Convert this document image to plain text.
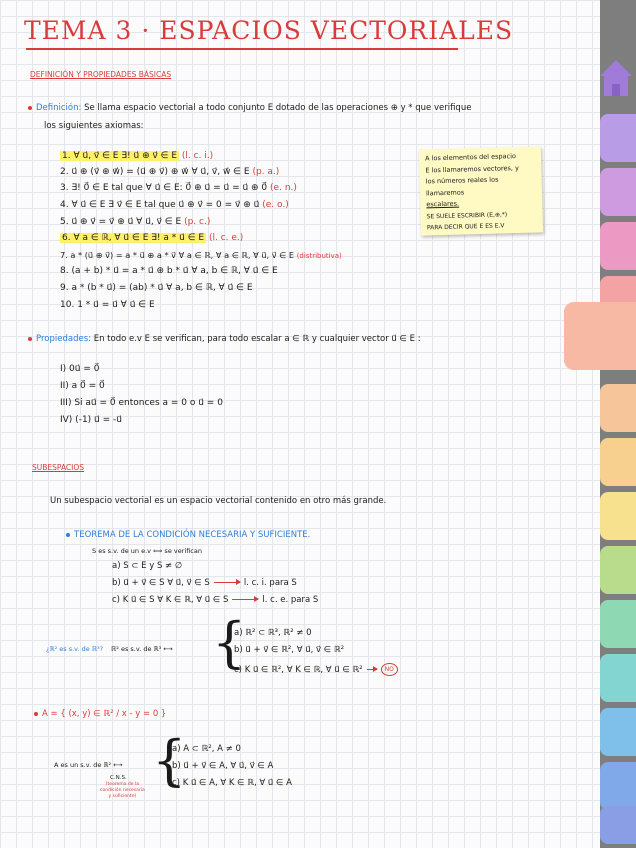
TEMA 3 · ESPACIOS VECTORIALES
DEFINICIÓN Y PROPIEDADES BÁSICAS
Definición: Se llama espacio vectorial a todo conjunto E dotado de las operaciones ⊕ y * que verifique
los siguientes axiomas:
1. ∀ u⃗, v⃗ ∈ E ∃! u⃗ ⊕ v⃗ ∈ E (l. c. i.)
2. u⃗ ⊕ (v⃗ ⊕ w⃗) = (u⃗ ⊕ v⃗) ⊕ w⃗ ∀ u⃗, v⃗, w⃗ ∈ E (p. a.)
3. ∃! 0⃗ ∈ E tal que ∀ u⃗ ∈ E: 0⃗ ⊕ u⃗ = u⃗ = u⃗ ⊕ 0⃗ (e. n.)
4. ∀ u⃗ ∈ E ∃ v⃗ ∈ E tal que u⃗ ⊕ v⃗ = 0 = v⃗ ⊕ u⃗ (e. o.)
5. u⃗ ⊕ v⃗ = v⃗ ⊕ u⃗ ∀ u⃗, v⃗ ∈ E (p. c.)
6. ∀ a ∈ ℝ, ∀ u⃗ ∈ E ∃! a * u⃗ ∈ E (l. c. e.)
7. a * (u⃗ ⊕ v⃗) = a * u⃗ ⊕ a * v⃗ ∀ a ∈ ℝ, ∀ a ∈ ℝ, ∀ u⃗, v⃗ ∈ E (distributiva)
8. (a + b) * u⃗ = a * u⃗ ⊕ b * u⃗ ∀ a, b ∈ ℝ, ∀ u⃗ ∈ E
9. a * (b * u⃗) = (ab) * u⃗ ∀ a, b ∈ ℝ, ∀ u⃗ ∈ E
10. 1 * u⃗ = u⃗ ∀ u⃗ ∈ E
A los elementos del espacio
E los llamaremos vectores, y
los números reales los llamaremos
escalares.
SE SUELE ESCRIBIR (E,⊕,*)
PARA DECIR QUE E ES E.V
Propiedades: En todo e.v E se verifican, para todo escalar a ∈ ℝ y cualquier vector u⃗ ∈ E :
I) 0u⃗ = 0⃗
II) a 0⃗ = 0⃗
III) Si au⃗ = 0⃗ entonces a = 0 o u⃗ = 0
IV) (-1) u⃗ = -u⃗
SUBESPACIOS
Un subespacio vectorial es un espacio vectorial contenido en otro más grande.
TEOREMA DE LA CONDICIÓN NECESARIA Y SUFICIENTE.
S es s.v. de un e.v ⟺ se verifican
a) S ⊂ E y S ≠ ∅
b) u⃗ + v⃗ ∈ S ∀ u⃗, v⃗ ∈ S	l. c. i. para S
c) K u⃗ ∈ S ∀ K ∈ ℝ, ∀ u⃗ ∈ S	l. c. e. para S
¿ℝ² es s.v. de ℝ³? ℝ² es s.v. de ℝ³ ⟷ {
a) ℝ² ⊂ ℝ³, ℝ² ≠ 0
b) u⃗ + v⃗ ∈ ℝ², ∀ u⃗, v⃗ ∈ ℝ²
c) K u⃗ ∈ ℝ², ∀ K ∈ ℝ, ∀ u⃗ ∈ ℝ²	NO
A = { (x, y) ∈ ℝ² / x - y = 0 }
A es un s.v. de ℝ² ⟷
C.N.S.
(teorema de la
condición necesaria
y suficiente)
{
a) A ⊂ ℝ², A ≠ 0
b) u⃗ + v⃗ ∈ A, ∀ u⃗, v⃗ ∈ A
c) K u⃗ ∈ A, ∀ K ∈ ℝ, ∀ u⃗ ∈ A
